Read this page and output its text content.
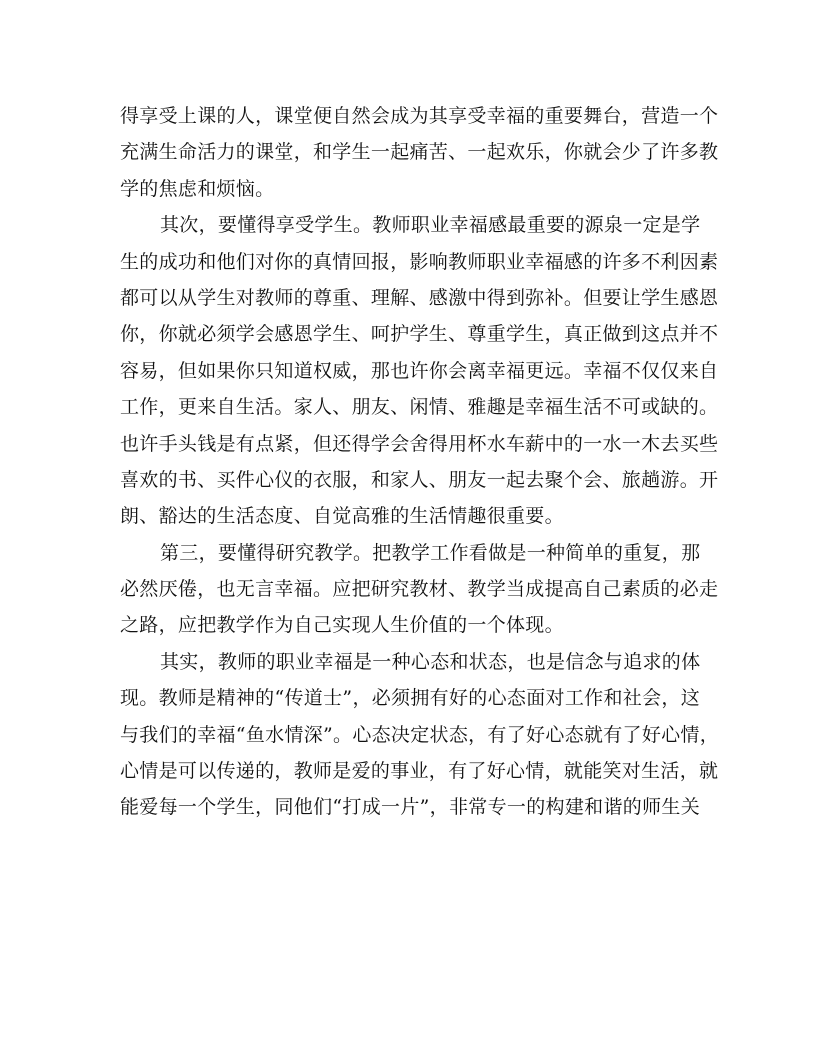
得享受上课的人，课堂便自然会成为其享受幸福的重要舞台，营造一个
充满生命活力的课堂，和学生一起痛苦、一起欢乐，你就会少了许多教
学的焦虑和烦恼。
其次，要懂得享受学生。教师职业幸福感最重要的源泉一定是学
生的成功和他们对你的真情回报，影响教师职业幸福感的许多不利因素
都可以从学生对教师的尊重、理解、感激中得到弥补。但要让学生感恩
你，你就必须学会感恩学生、呵护学生、尊重学生，真正做到这点并不
容易，但如果你只知道权威，那也许你会离幸福更远。幸福不仅仅来自
工作，更来自生活。家人、朋友、闲情、雅趣是幸福生活不可或缺的。
也许手头钱是有点紧，但还得学会舍得用杯水车薪中的一水一木去买些
喜欢的书、买件心仪的衣服，和家人、朋友一起去聚个会、旅趟游。开
朗、豁达的生活态度、自觉高雅的生活情趣很重要。
第三，要懂得研究教学。把教学工作看做是一种简单的重复，那
必然厌倦，也无言幸福。应把研究教材、教学当成提高自己素质的必走
之路，应把教学作为自己实现人生价值的一个体现。
其实，教师的职业幸福是一种心态和状态，也是信念与追求的体
现。教师是精神的“传道士”，必须拥有好的心态面对工作和社会，这
与我们的幸福“鱼水情深”。心态决定状态，有了好心态就有了好心情，
心情是可以传递的，教师是爱的事业，有了好心情，就能笑对生活，就
能爱每一个学生，同他们“打成一片”，非常专一的构建和谐的师生关
